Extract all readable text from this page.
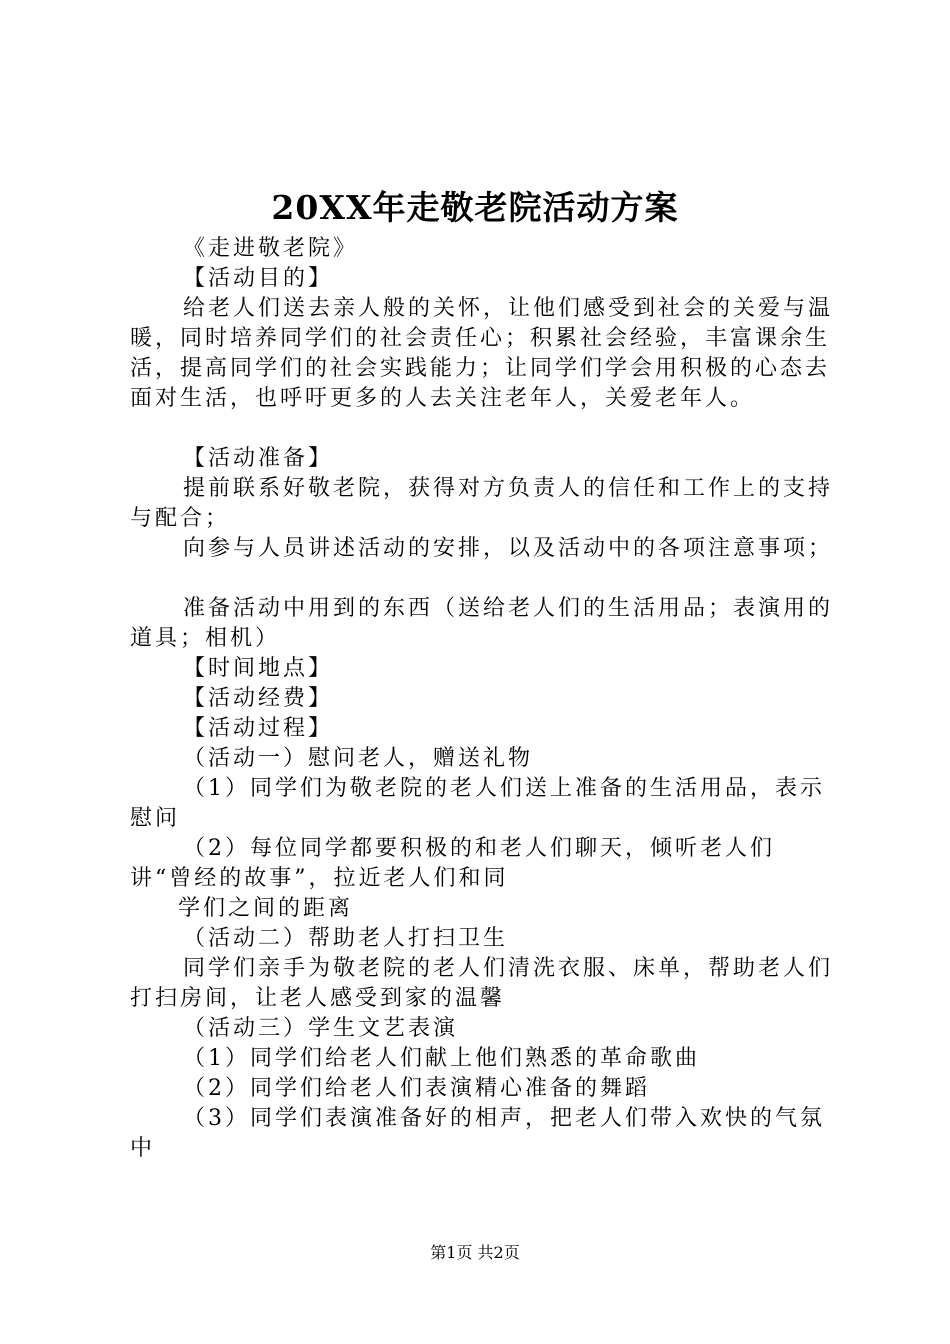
20XX年走敬老院活动方案

《走进敬老院》

【活动目的】

给老人们送去亲人般的关怀，让他们感受到社会的关爱与温暖，同时培养同学们的社会责任心；积累社会经验，丰富课余生活，提高同学们的社会实践能力；让同学们学会用积极的心态去面对生活，也呼吁更多的人去关注老年人，关爱老年人。

【活动准备】

提前联系好敬老院，获得对方负责人的信任和工作上的支持与配合；

向参与人员讲述活动的安排，以及活动中的各项注意事项；

准备活动中用到的东西（送给老人们的生活用品；表演用的道具；相机）

【时间地点】

【活动经费】

【活动过程】

（活动一）慰问老人，赠送礼物

（1）同学们为敬老院的老人们送上准备的生活用品，表示慰问

（2）每位同学都要积极的和老人们聊天，倾听老人们讲“曾经的故事”，拉近老人们和同

学们之间的距离

（活动二）帮助老人打扫卫生

同学们亲手为敬老院的老人们清洗衣服、床单，帮助老人们打扫房间，让老人感受到家的温馨

（活动三）学生文艺表演

（1）同学们给老人们献上他们熟悉的革命歌曲

（2）同学们给老人们表演精心准备的舞蹈

（3）同学们表演准备好的相声，把老人们带入欢快的气氛中

第1页 共2页
